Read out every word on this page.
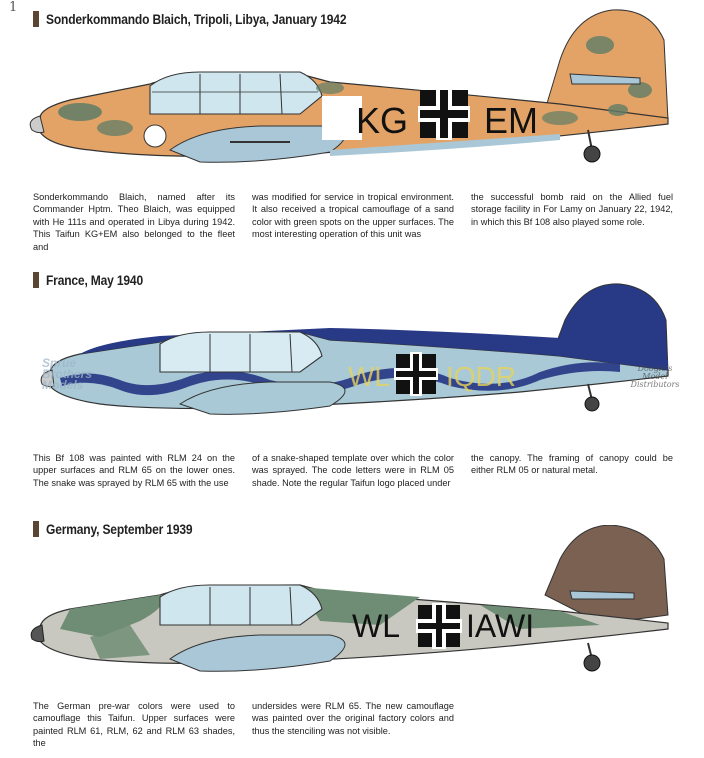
1
Sonderkommando Blaich, Tripoli, Libya, January 1942
KG EM
Sonderkommando Blaich, named after its Commander Hptm. Theo Blaich, was equipped with He 111s and operated in Libya during 1942. This Taifun KG+EM also belonged to the fleet and
was modified for service in tropical environment. It also received a tropical camouflage of a sand color with green spots on the upper surfaces. The most interesting operation of this unit was
the successful bomb raid on the Allied fuel storage facility in For Lamy on January 22, 1942, in which this Bf 108 also played some role.
France, May 1940
WL IQDR
Sprue
Brothers
Models
Doogie's
Model
Distributors
This Bf 108 was painted with RLM 24 on the upper surfaces and RLM 65 on the lower ones. The snake was sprayed by RLM 65 with the use
of a snake-shaped template over which the color was sprayed. The code letters were in RLM 05 shade. Note the regular Taifun logo placed under
the canopy. The framing of canopy could be either RLM 05 or natural metal.
Germany, September 1939
WL IAWI
The German pre-war colors were used to camouflage this Taifun. Upper surfaces were painted RLM 61, RLM, 62 and RLM 63 shades, the
undersides were RLM 65. The new camouflage was painted over the original factory colors and thus the stenciling was not visible.
